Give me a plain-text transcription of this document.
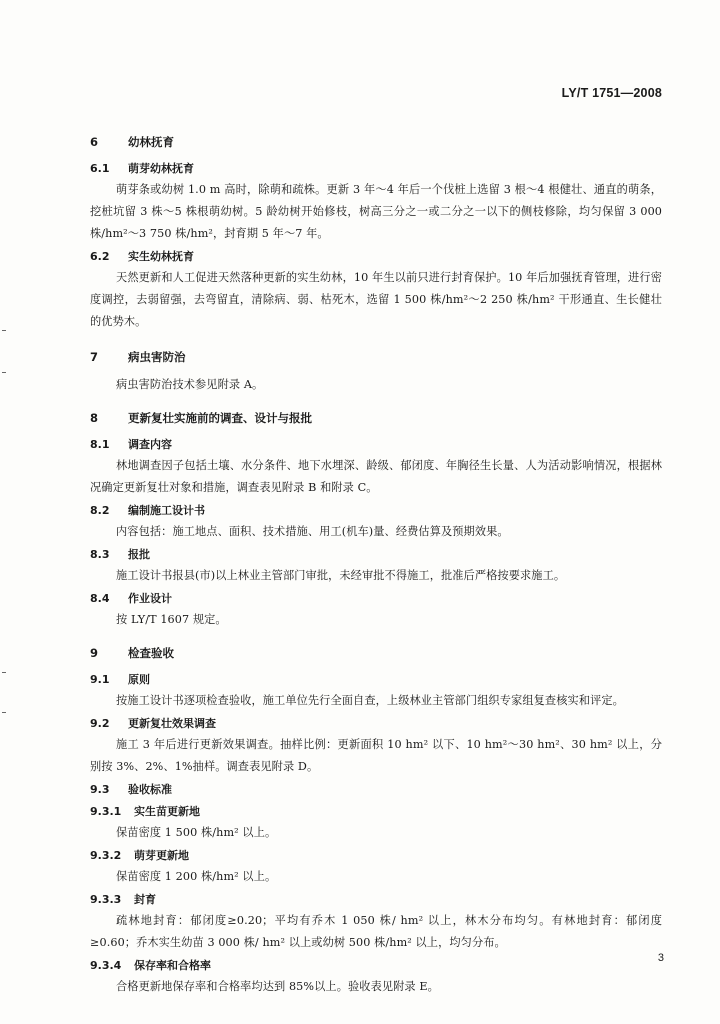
LY/T 1751—2008
6	幼林抚育
6.1 萌芽幼林抚育

萌芽条或幼树 1.0 m 高时，除萌和疏株。更新 3 年～4 年后一个伐桩上选留 3 根～4 根健壮、通直的萌条，挖桩坑留 3 株～5 株根萌幼树。5 龄幼树开始修枝，树高三分之一或二分之一以下的侧枝修除，均匀保留 3 000 株/hm²～3 750 株/hm²，封育期 5 年～7 年。

6.2 实生幼林抚育

天然更新和人工促进天然落种更新的实生幼林，10 年生以前只进行封育保护。10 年后加强抚育管理，进行密度调控，去弱留强，去弯留直，清除病、弱、枯死木，选留 1 500 株/hm²～2 250 株/hm² 干形通直、生长健壮的优势木。

7	病虫害防治

病虫害防治技术参见附录 A。

8	更新复壮实施前的调查、设计与报批
8.1 调查内容

林地调查因子包括土壤、水分条件、地下水埋深、龄级、郁闭度、年胸径生长量、人为活动影响情况，根据林况确定更新复壮对象和措施，调查表见附录 B 和附录 C。

8.2 编制施工设计书

内容包括：施工地点、面积、技术措施、用工(机车)量、经费估算及预期效果。

8.3 报批

施工设计书报县(市)以上林业主管部门审批，未经审批不得施工，批准后严格按要求施工。

8.4 作业设计

按 LY/T 1607 规定。

9	检查验收
9.1 原则

按施工设计书逐项检查验收，施工单位先行全面自查，上级林业主管部门组织专家组复查核实和评定。

9.2 更新复壮效果调查

施工 3 年后进行更新效果调查。抽样比例：更新面积 10 hm² 以下、10 hm²～30 hm²、30 hm² 以上，分别按 3%、2%、1%抽样。调查表见附录 D。

9.3 验收标准
9.3.1 实生苗更新地

保苗密度 1 500 株/hm² 以上。

9.3.2 萌芽更新地

保苗密度 1 200 株/hm² 以上。

9.3.3 封育

疏林地封育：郁闭度≥0.20；平均有乔木 1 050 株/ hm² 以上，林木分布均匀。有林地封育：郁闭度≥0.60；乔木实生幼苗 3 000 株/ hm² 以上或幼树 500 株/hm² 以上，均匀分布。

9.3.4 保存率和合格率

合格更新地保存率和合格率均达到 85%以上。验收表见附录 E。

3
